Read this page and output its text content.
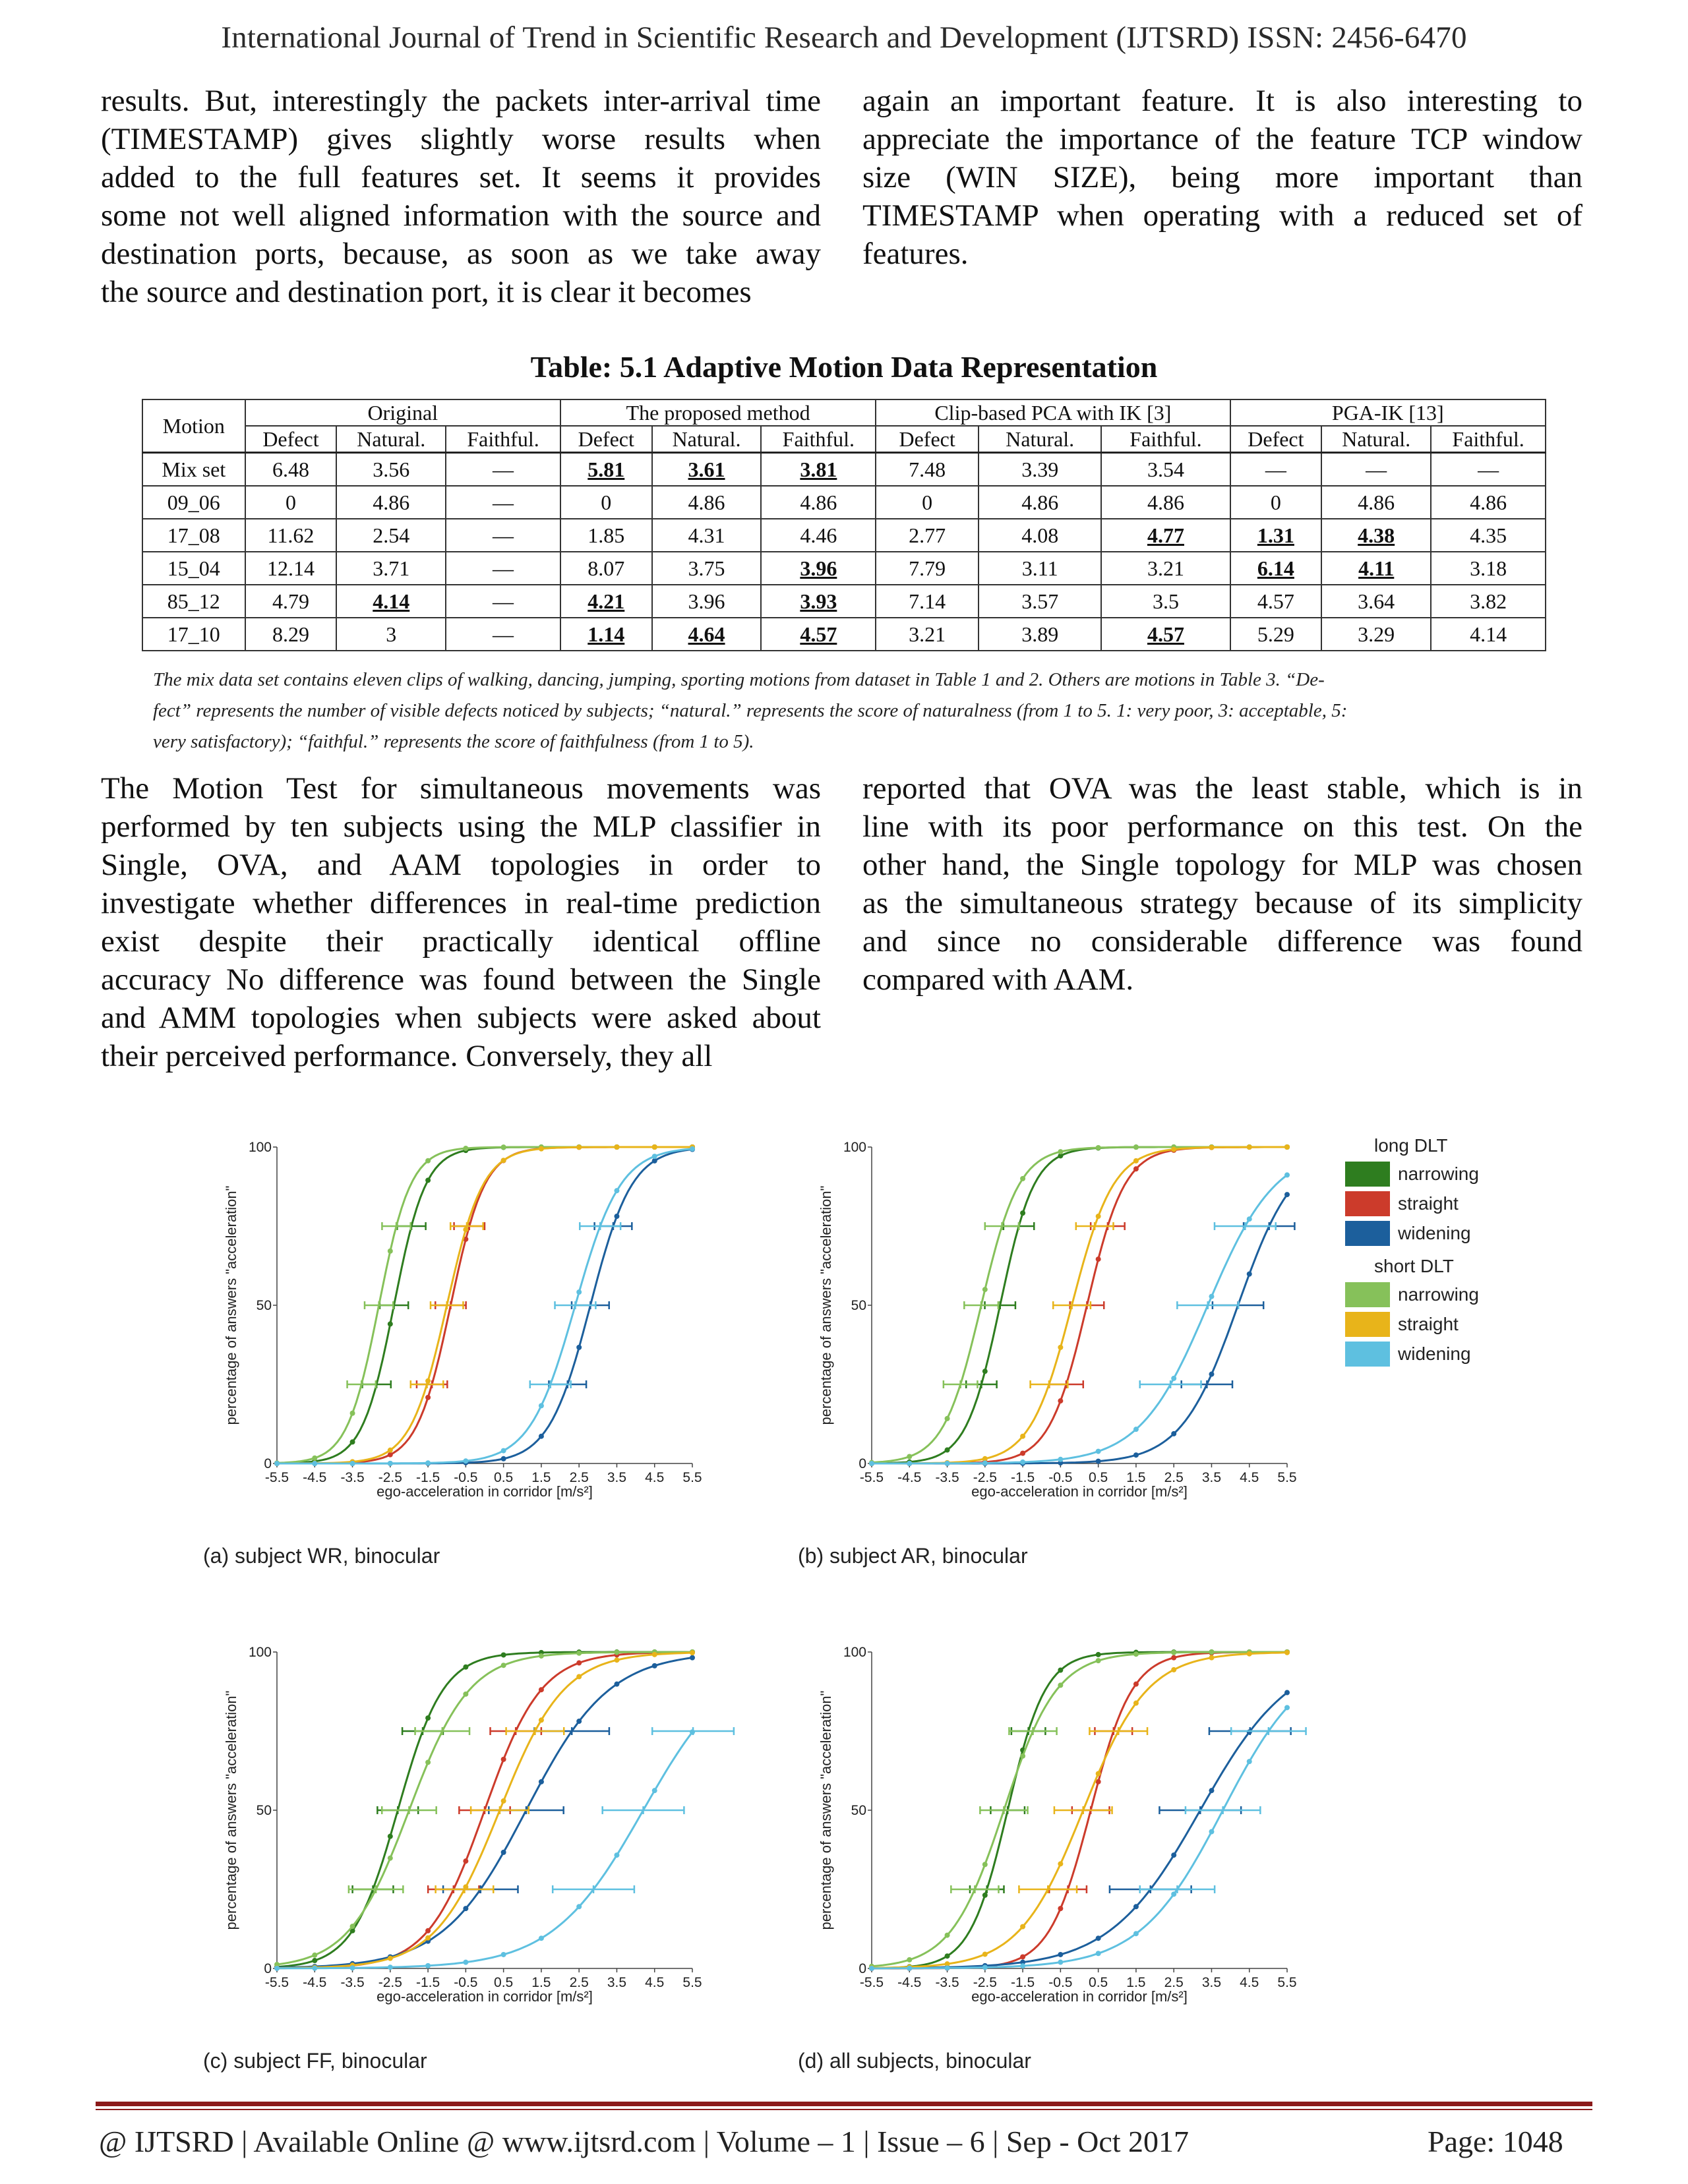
International Journal of Trend in Scientific Research and Development (IJTSRD) ISSN: 2456-6470
results. But, interestingly the packets inter-arrival time
(TIMESTAMP) gives slightly worse results when
added to the full features set. It seems it provides
some not well aligned information with the source and
destination ports, because, as soon as we take away
the source and destination port, it is clear it becomes
again an important feature. It is also interesting to
appreciate the importance of the feature TCP window
size (WIN SIZE), being more important than
TIMESTAMP when operating with a reduced set of
features.
Table: 5.1 Adaptive Motion Data Representation
Motion	Original			The proposed method			Clip-based PCA with IK [3]			PGA-IK [13]		
	Defect	Natural.	Faithful.	Defect	Natural.	Faithful.	Defect	Natural.	Faithful.	Defect	Natural.	Faithful.
Mix set	6.48	3.56	—	5.81	3.61	3.81	7.48	3.39	3.54	—	—	—
09_06	0	4.86	—	0	4.86	4.86	0	4.86	4.86	0	4.86	4.86
17_08	11.62	2.54	—	1.85	4.31	4.46	2.77	4.08	4.77	1.31	4.38	4.35
15_04	12.14	3.71	—	8.07	3.75	3.96	7.79	3.11	3.21	6.14	4.11	3.18
85_12	4.79	4.14	—	4.21	3.96	3.93	7.14	3.57	3.5	4.57	3.64	3.82
17_10	8.29	3	—	1.14	4.64	4.57	3.21	3.89	4.57	5.29	3.29	4.14
The mix data set contains eleven clips of walking, dancing, jumping, sporting motions from dataset in Table 1 and 2. Others are motions in Table 3. “De-
fect” represents the number of visible defects noticed by subjects; “natural.” represents the score of naturalness (from 1 to 5. 1: very poor, 3: acceptable, 5:
very satisfactory); “faithful.” represents the score of faithfulness (from 1 to 5).
The Motion Test for simultaneous movements was
performed by ten subjects using the MLP classifier in
Single, OVA, and AAM topologies in order to
investigate whether differences in real-time prediction
exist despite their practically identical offline
accuracy No difference was found between the Single
and AMM topologies when subjects were asked about
their perceived performance. Conversely, they all
reported that OVA was the least stable, which is in
line with its poor performance on this test. On the
other hand, the Single topology for MLP was chosen
as the simultaneous strategy because of its simplicity
and since no considerable difference was found
compared with AAM.
0
50
100
-5.5 -4.5 -3.5 -2.5 -1.5 -0.5 0.5 1.5 2.5 3.5 4.5 5.5
ego-acceleration in corridor [m/s²]
percentage of answers "acceleration"
0
50
100
-5.5 -4.5 -3.5 -2.5 -1.5 -0.5 0.5 1.5 2.5 3.5 4.5 5.5
ego-acceleration in corridor [m/s²]
percentage of answers "acceleration"
0
50
100
-5.5 -4.5 -3.5 -2.5 -1.5 -0.5 0.5 1.5 2.5 3.5 4.5 5.5
ego-acceleration in corridor [m/s²]
percentage of answers "acceleration"
0
50
100
-5.5 -4.5 -3.5 -2.5 -1.5 -0.5 0.5 1.5 2.5 3.5 4.5 5.5
ego-acceleration in corridor [m/s²]
percentage of answers "acceleration"
(a) subject WR, binocular	(b) subject AR, binocular
(c) subject FF, binocular	(d) all subjects, binocular
long DLT
narrowing
straight
widening
short DLT
narrowing
straight
widening
@ IJTSRD | Available Online @ www.ijtsrd.com | Volume – 1 | Issue – 6 | Sep - Oct 2017	Page: 1048
